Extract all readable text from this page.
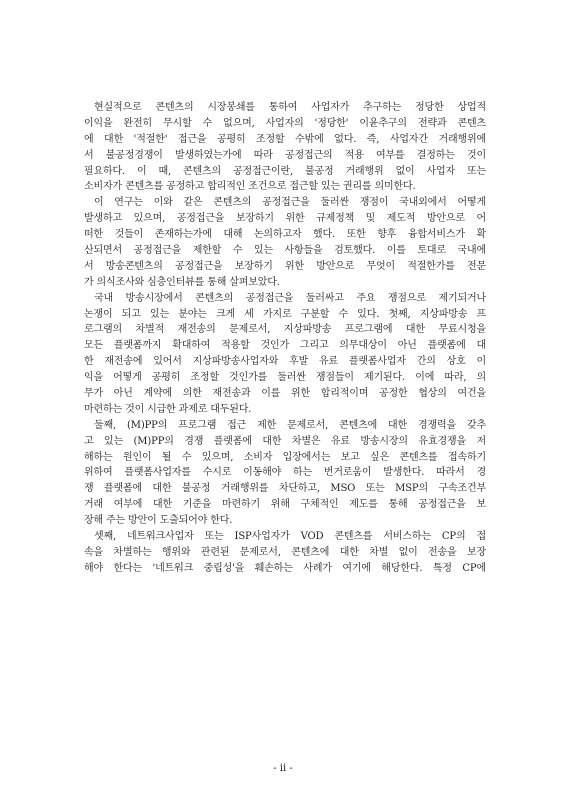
현실적으로 콘텐츠의 시장봉쇄를 통하여 사업자가 추구하는 정당한 상업적
이익을 완전히 무시할 수 없으며, 사업자의 '정당한' 이윤추구의 전략과 콘텐츠
에 대한 '적절한' 접근을 공평히 조정할 수밖에 없다. 즉, 사업자간 거래행위에
서 불공정경쟁이 발생하였는가에 따라 공정접근의 적용 여부를 결정하는 것이
필요하다. 이 때, 콘텐츠의 공정접근이란, 불공정 거래행위 없이 사업자 또는
소비자가 콘텐츠를 공정하고 합리적인 조건으로 접근할 있는 권리를 의미한다.
이 연구는 이와 같은 콘텐츠의 공정접근을 둘러싼 쟁점이 국내외에서 어떻게
발생하고 있으며, 공정접근을 보장하기 위한 규제정책 및 제도적 방안으로 어
떠한 것들이 존재하는가에 대해 논의하고자 했다. 또한 향후 융합서비스가 확
산되면서 공정접근을 제한할 수 있는 사항들을 검토했다. 이를 토대로 국내에
서 방송콘텐츠의 공정접근을 보장하기 위한 방안으로 무엇이 적절한가를 전문
가 의식조사와 심층인터뷰를 통해 살펴보았다.
국내 방송시장에서 콘텐츠의 공정접근을 둘러싸고 주요 쟁점으로 제기되거나
논쟁이 되고 있는 분야는 크게 세 가지로 구분할 수 있다. 첫째, 지상파방송 프
로그램의 차별적 재전송의 문제로서, 지상파방송 프로그램에 대한 무료시청을
모든 플랫폼까지 확대하여 적용할 것인가 그리고 의무대상이 아닌 플랫폼에 대
한 재전송에 있어서 지상파방송사업자와 후발 유료 플랫폼사업자 간의 상호 이
익을 어떻게 공평히 조정할 것인가를 둘러싼 쟁점들이 제기된다. 이에 따라, 의
무가 아닌 계약에 의한 재전송과 이를 위한 합리적이며 공정한 협상의 여건을
마련하는 것이 시급한 과제로 대두된다.
둘째, (M)PP의 프로그램 접근 제한 문제로서, 콘텐츠에 대한 경쟁력을 갖추
고 있는 (M)PP의 경쟁 플랫폼에 대한 차별은 유료 방송시장의 유효경쟁을 저
해하는 원인이 될 수 있으며, 소비자 입장에서는 보고 싶은 콘텐츠를 접속하기
위하여 플랫폼사업자를 수시로 이동해야 하는 번거로움이 발생한다. 따라서 경
쟁 플랫폼에 대한 불공정 거래행위를 차단하고, MSO 또는 MSP의 구속조건부
거래 여부에 대한 기준을 마련하기 위해 구체적인 제도를 통해 공정접근을 보
장해 주는 방안이 도출되어야 한다.
셋째, 네트워크사업자 또는 ISP사업자가 VOD 콘텐츠를 서비스하는 CP의 접
속을 차별하는 행위와 관련된 문제로서, 콘텐츠에 대한 차별 없이 전송을 보장
해야 한다는 '네트워크 중립성'을 훼손하는 사례가 여기에 해당한다. 특정 CP에
- ii -
